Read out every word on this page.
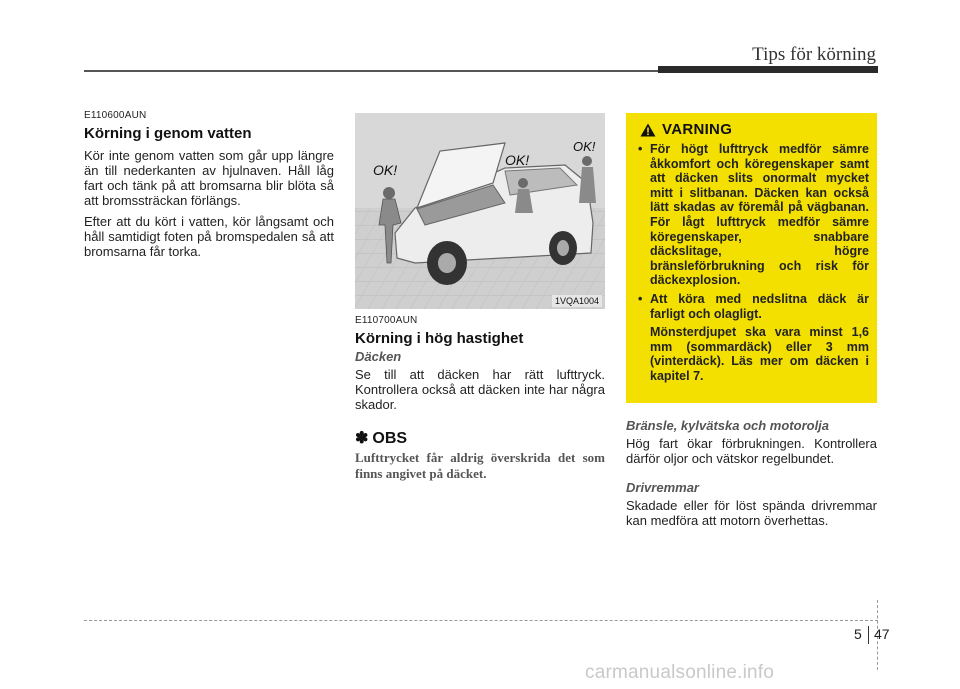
Tips för körning
E110600AUN
Körning i genom vatten

Kör inte genom vatten som går upp längre än till nederkanten av hjulnaven. Håll låg fart och tänk på att bromsarna blir blöta så att bromssträckan förlängs.

Efter att du kört i vatten, kör långsamt och håll samtidigt foten på bromspedalen så att bromsarna får torka.

OK!
OK!
OK!
1VQA1004
E110700AUN
Körning i hög hastighet
Däcken

Se till att däcken har rätt lufttryck. Kontrollera också att däcken inte har några skador.

✽ OBS

Lufttrycket får aldrig överskrida det som finns angivet på däcket.

VARNING
• För högt lufttryck medför sämre åkkomfort och köregenskaper samt att däcken slits onormalt mycket mitt i slitbanan. Däcken kan också lätt skadas av föremål på vägbanan. För lågt lufttryck medför sämre köregenskaper, snabbare däckslitage, högre bränsleförbrukning och risk för däckexplosion.
• Att köra med nedslitna däck är farligt och olagligt.
Mönsterdjupet ska vara minst 1,6 mm (sommardäck) eller 3 mm (vinterdäck). Läs mer om däcken i kapitel 7.
Bränsle, kylvätska och motorolja

Hög fart ökar förbrukningen. Kontrollera därför oljor och vätskor regelbundet.

Drivremmar

Skadade eller för löst spända drivremmar kan medföra att motorn överhettas.

5 47
carmanualsonline.info
